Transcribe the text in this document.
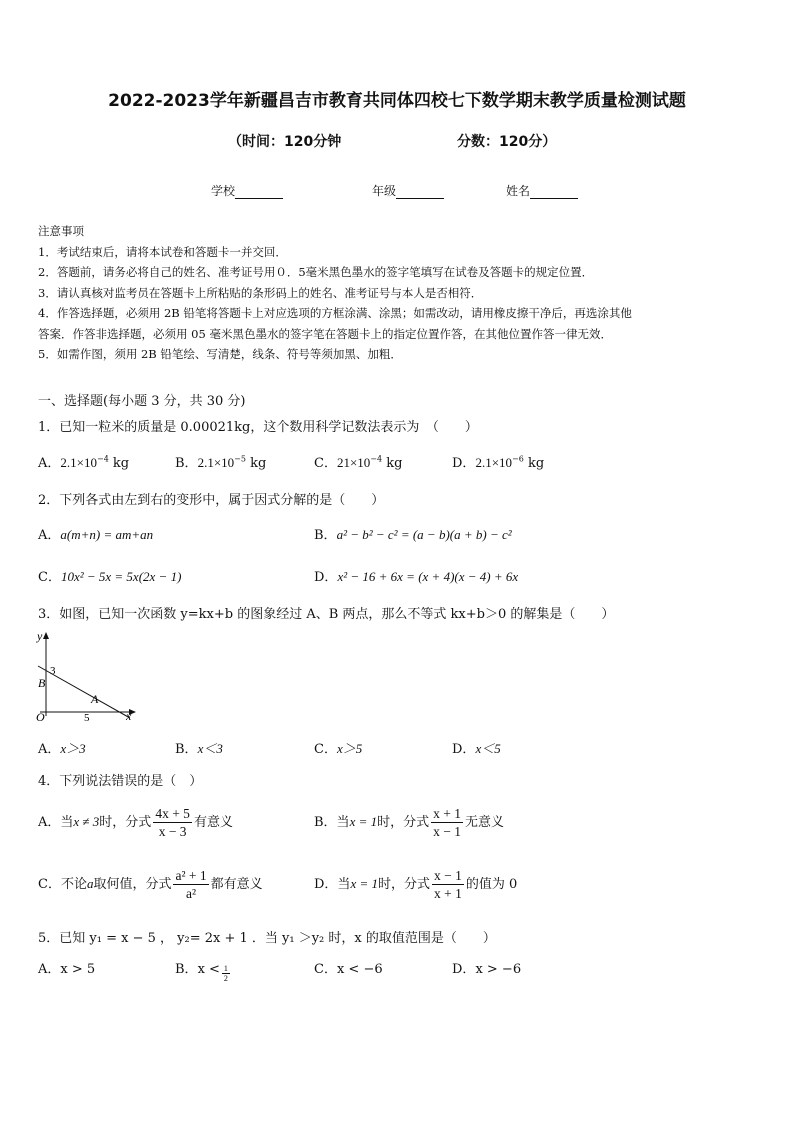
2022-2023学年新疆昌吉市教育共同体四校七下数学期末教学质量检测试题
（时间：120分钟	分数：120分）
学校	年级	姓名
注意事项
1．考试结束后，请将本试卷和答题卡一并交回．
2．答题前，请务必将自己的姓名、准考证号用０．5毫米黑色墨水的签字笔填写在试卷及答题卡的规定位置．
3．请认真核对监考员在答题卡上所粘贴的条形码上的姓名、准考证号与本人是否相符．
4．作答选择题，必须用 2B 铅笔将答题卡上对应选项的方框涂满、涂黑；如需改动，请用橡皮擦干净后，再选涂其他
答案．作答非选择题，必须用 05 毫米黑色墨水的签字笔在答题卡上的指定位置作答，在其他位置作答一律无效．
5．如需作图，须用 2B 铅笔绘、写清楚，线条、符号等须加黑、加粗．
一、选择题(每小题 3 分，共 30 分)
1．已知一粒米的质量是 0.00021kg，这个数用科学记数法表示为　（　　）
A．$2.1\times 10^{-4}$ kg	B．$2.1\times 10^{-5}$ kg	C．$21\times 10^{-4}$ kg	D．$2.1\times 10^{-6}$ kg
2．下列各式由左到右的变形中，属于因式分解的是（　　）
A．a(m+n) = am+an	B．a² − b² − c² = (a − b)(a + b) − c²
C．10x² − 5x = 5x(2x − 1)	D．x² − 16 + 6x = (x + 4)(x − 4) + 6x
3．如图，已知一次函数 y=kx+b 的图象经过 A、B 两点，那么不等式 kx+b＞0 的解集是（　　）
y
x
O
B
3
A
5
A．x＞3	B．x＜3	C．x＞5	D．x＜5
4．下列说法错误的是（　）
A．当x ≠ 3时，分式 $\frac{4x + 5}{x - 3}$ 有意义	B．当x = 1时，分式 $\frac{x + 1}{x - 1}$ 无意义
C．不论a取何值，分式 $\frac{\text{a² + 1}}{\text{a²}}$ 都有意义	D．当x = 1时，分式 $\frac{x - 1}{x + 1}$ 的值为 0
5．已知 y₁ = x − 5 ， y₂= 2x + 1 ．当 y₁ ＞y₂ 时，x 的取值范围是（　　）
A．x > 5	B．$x < \frac{1}{2}$	C．x < −6	D．x > −6
